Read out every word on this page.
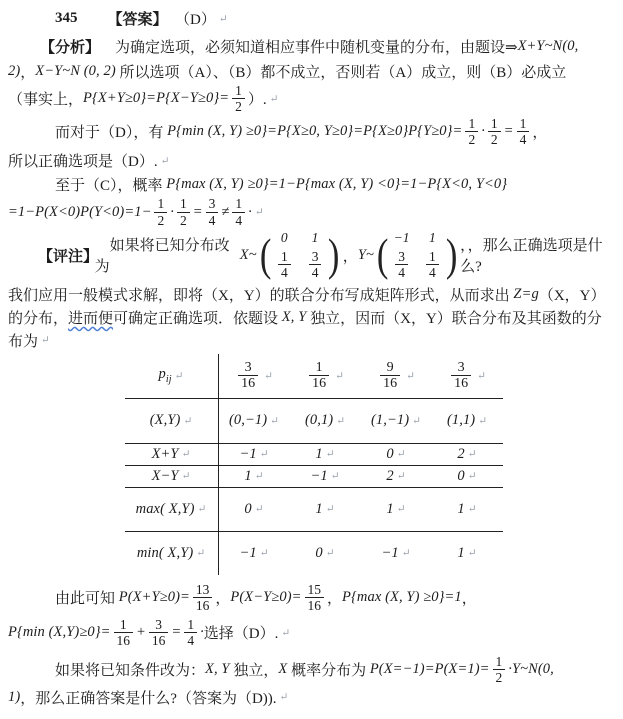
345
　　 【答案】 　（D） ↵
【分析】 　为确定选项，必须知道相应事件中随机变量的分布，由题设⇒ X+Y~N(0,
2) ， X−Y~N (0, 2) 所以选项（A）、（B）都不成立，否则若（A）成立，则（B）必成立
（事实上， $P\{X+Y\ge 0\}=P\{X-Y\ge 0\}= \frac{1}{2}$ ）. ↵
而对于（D），有 P{min (X, Y) ≥0}=P{X≥0, $Y\ge 0\}=P\{X\ge 0\}P\{Y\ge 0\}= \frac{1}{2} \cdot \frac{1}{2} = \frac{1}{4}$ ，
所以正确选项是（D）. ↵
至于（C），概率 P{max (X, Y) ≥0}=1−P{max (X, Y) <0}=1−P{X<0, Y<0}
$=1-P(X<0)P(Y<0)=1- \frac{1}{2} \cdot \frac{1}{2} = \frac{3}{4} \ne \frac{1}{4}$ · ↵
【评注】
　如果将已知分布改为
X~ ( 0 1
$\frac{1}{4} \frac{3}{4}$ ) ， Y~ ( −1 1
$\frac{3}{4} \frac{1}{4}$ ) ，，那么正确选项是什么?
我们应用一般模式求解，即将（X，Y）的联合分布写成矩阵形式，从而求出 Z=g （X，Y）
的分布， 进而便 可确定正确选项．依题设 X, Y 独立，因而（X，Y）联合分布及其函数的分
布为 ↵
$p_{ij}$ ↵	$\frac{3}{16}$ ↵	$\frac{1}{16}$ ↵	$\frac{9}{16}$ ↵	$\frac{3}{16}$ ↵
(X,Y) ↵	(0,−1) ↵ (0,1) ↵ (1,−1) ↵ (1,1) ↵
X+Y ↵	−1 ↵	1 ↵	0 ↵	2 ↵
X−Y ↵	1 ↵	−1 ↵	2 ↵	0 ↵
max( X,Y) ↵	0 ↵	1 ↵	1 ↵	1 ↵
min( X,Y) ↵ −1 ↵	0 ↵	−1 ↵	1 ↵
由此可知 $P(X+Y\ge 0)= \frac{13}{16}$ ， $P(X-Y\ge 0)= \frac{15}{16}$ ， P{max (X, Y) ≥0}=1 ，
P{min $(X,Y)\ge 0\}= \frac{1}{16} + \frac{3}{16} = \frac{1}{4}$ · 选择（D）. ↵
如果将已知条件改为： X, Y 独立， X 概率分布为 $P(X=-1)=P(X=1)= \frac{1}{2}$ ·Y~N(0,
1) ，那么正确答案是什么?（答案为（D)). ↵
